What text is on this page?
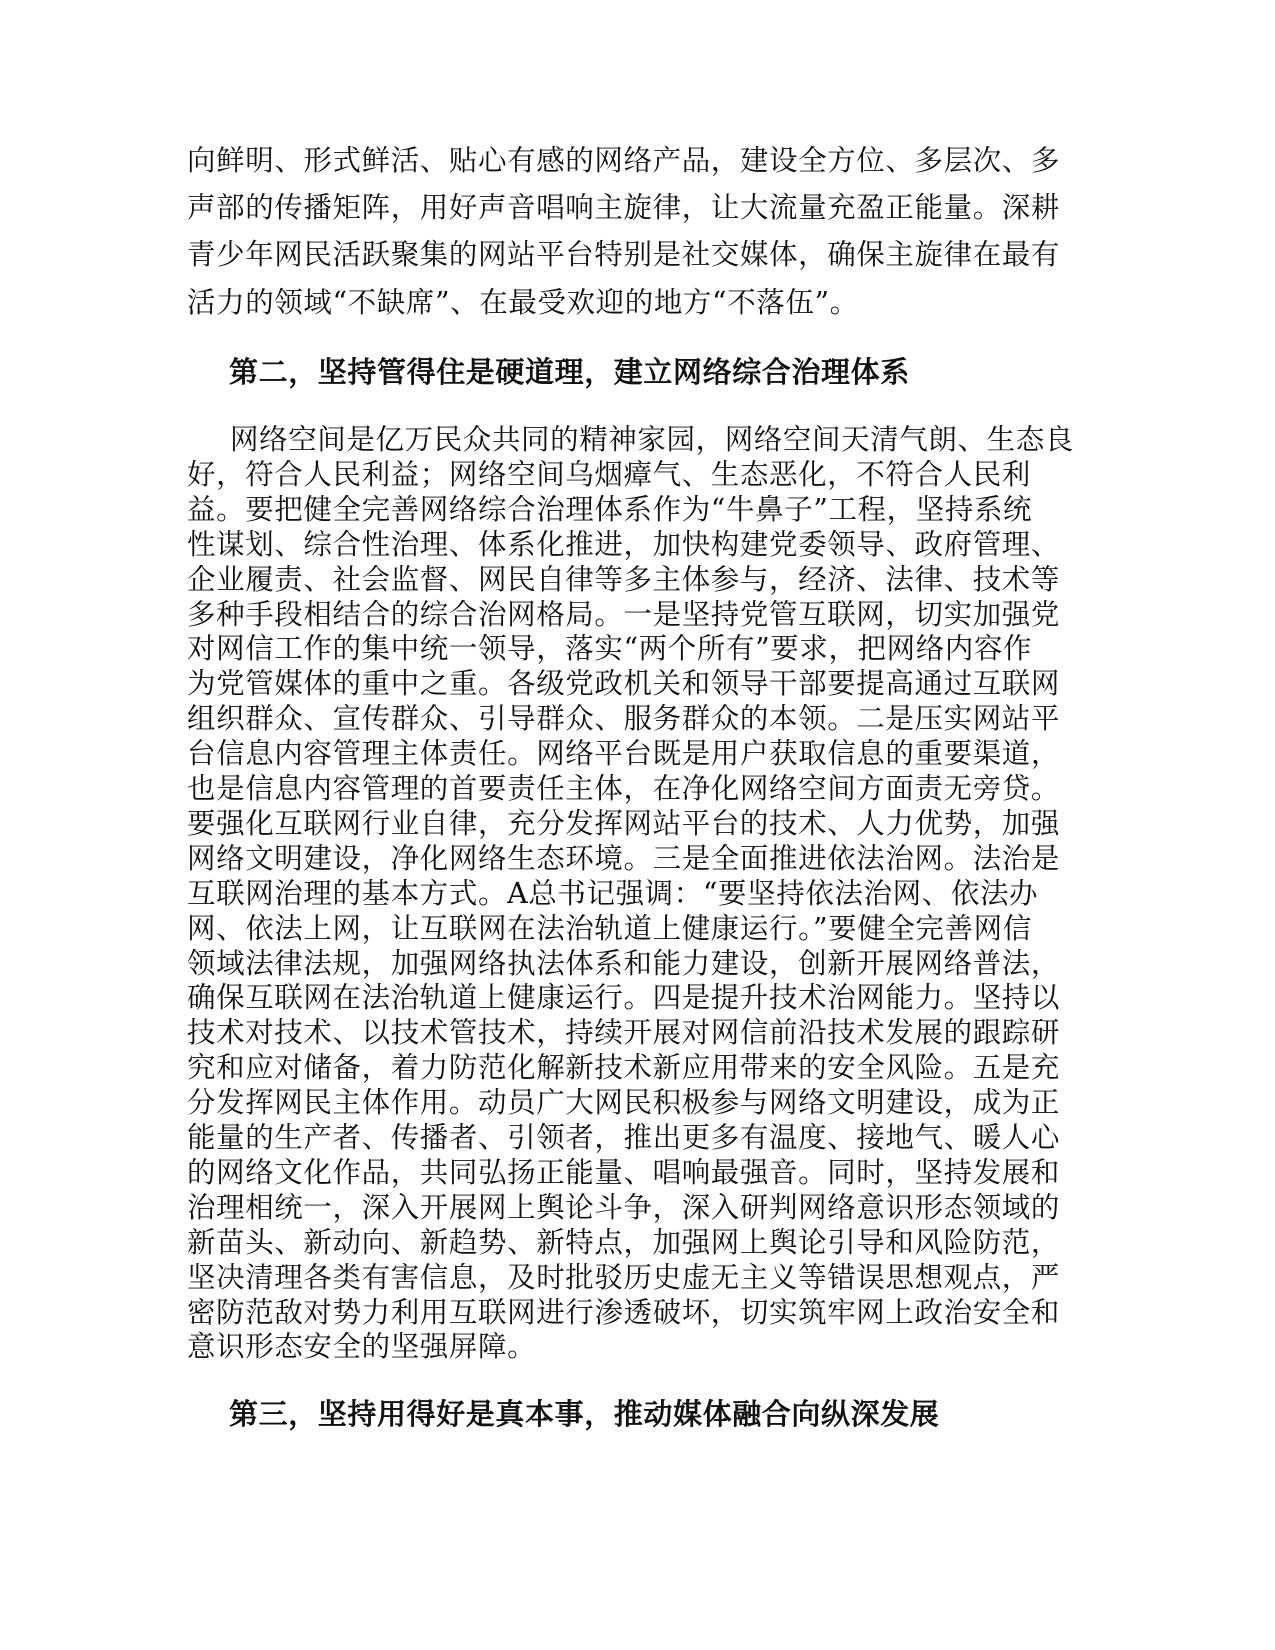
向鲜明、形式鲜活、贴心有感的网络产品，建设全方位、多层次、多
声部的传播矩阵，用好声音唱响主旋律，让大流量充盈正能量。深耕
青少年网民活跃聚集的网站平台特别是社交媒体，确保主旋律在最有
活力的领域“不缺席”、在最受欢迎的地方“不落伍”。
第二，坚持管得住是硬道理，建立网络综合治理体系
网络空间是亿万民众共同的精神家园，网络空间天清气朗、生态良
好，符合人民利益；网络空间乌烟瘴气、生态恶化，不符合人民利
益。要把健全完善网络综合治理体系作为“牛鼻子”工程，坚持系统
性谋划、综合性治理、体系化推进，加快构建党委领导、政府管理、
企业履责、社会监督、网民自律等多主体参与，经济、法律、技术等
多种手段相结合的综合治网格局。一是坚持党管互联网，切实加强党
对网信工作的集中统一领导，落实“两个所有”要求，把网络内容作
为党管媒体的重中之重。各级党政机关和领导干部要提高通过互联网
组织群众、宣传群众、引导群众、服务群众的本领。二是压实网站平
台信息内容管理主体责任。网络平台既是用户获取信息的重要渠道，
也是信息内容管理的首要责任主体，在净化网络空间方面责无旁贷。
要强化互联网行业自律，充分发挥网站平台的技术、人力优势，加强
网络文明建设，净化网络生态环境。三是全面推进依法治网。法治是
互联网治理的基本方式。A总书记强调：“要坚持依法治网、依法办
网、依法上网，让互联网在法治轨道上健康运行。”要健全完善网信
领域法律法规，加强网络执法体系和能力建设，创新开展网络普法，
确保互联网在法治轨道上健康运行。四是提升技术治网能力。坚持以
技术对技术、以技术管技术，持续开展对网信前沿技术发展的跟踪研
究和应对储备，着力防范化解新技术新应用带来的安全风险。五是充
分发挥网民主体作用。动员广大网民积极参与网络文明建设，成为正
能量的生产者、传播者、引领者，推出更多有温度、接地气、暖人心
的网络文化作品，共同弘扬正能量、唱响最强音。同时，坚持发展和
治理相统一，深入开展网上舆论斗争，深入研判网络意识形态领域的
新苗头、新动向、新趋势、新特点，加强网上舆论引导和风险防范，
坚决清理各类有害信息，及时批驳历史虚无主义等错误思想观点，严
密防范敌对势力利用互联网进行渗透破坏，切实筑牢网上政治安全和
意识形态安全的坚强屏障。
第三，坚持用得好是真本事，推动媒体融合向纵深发展
